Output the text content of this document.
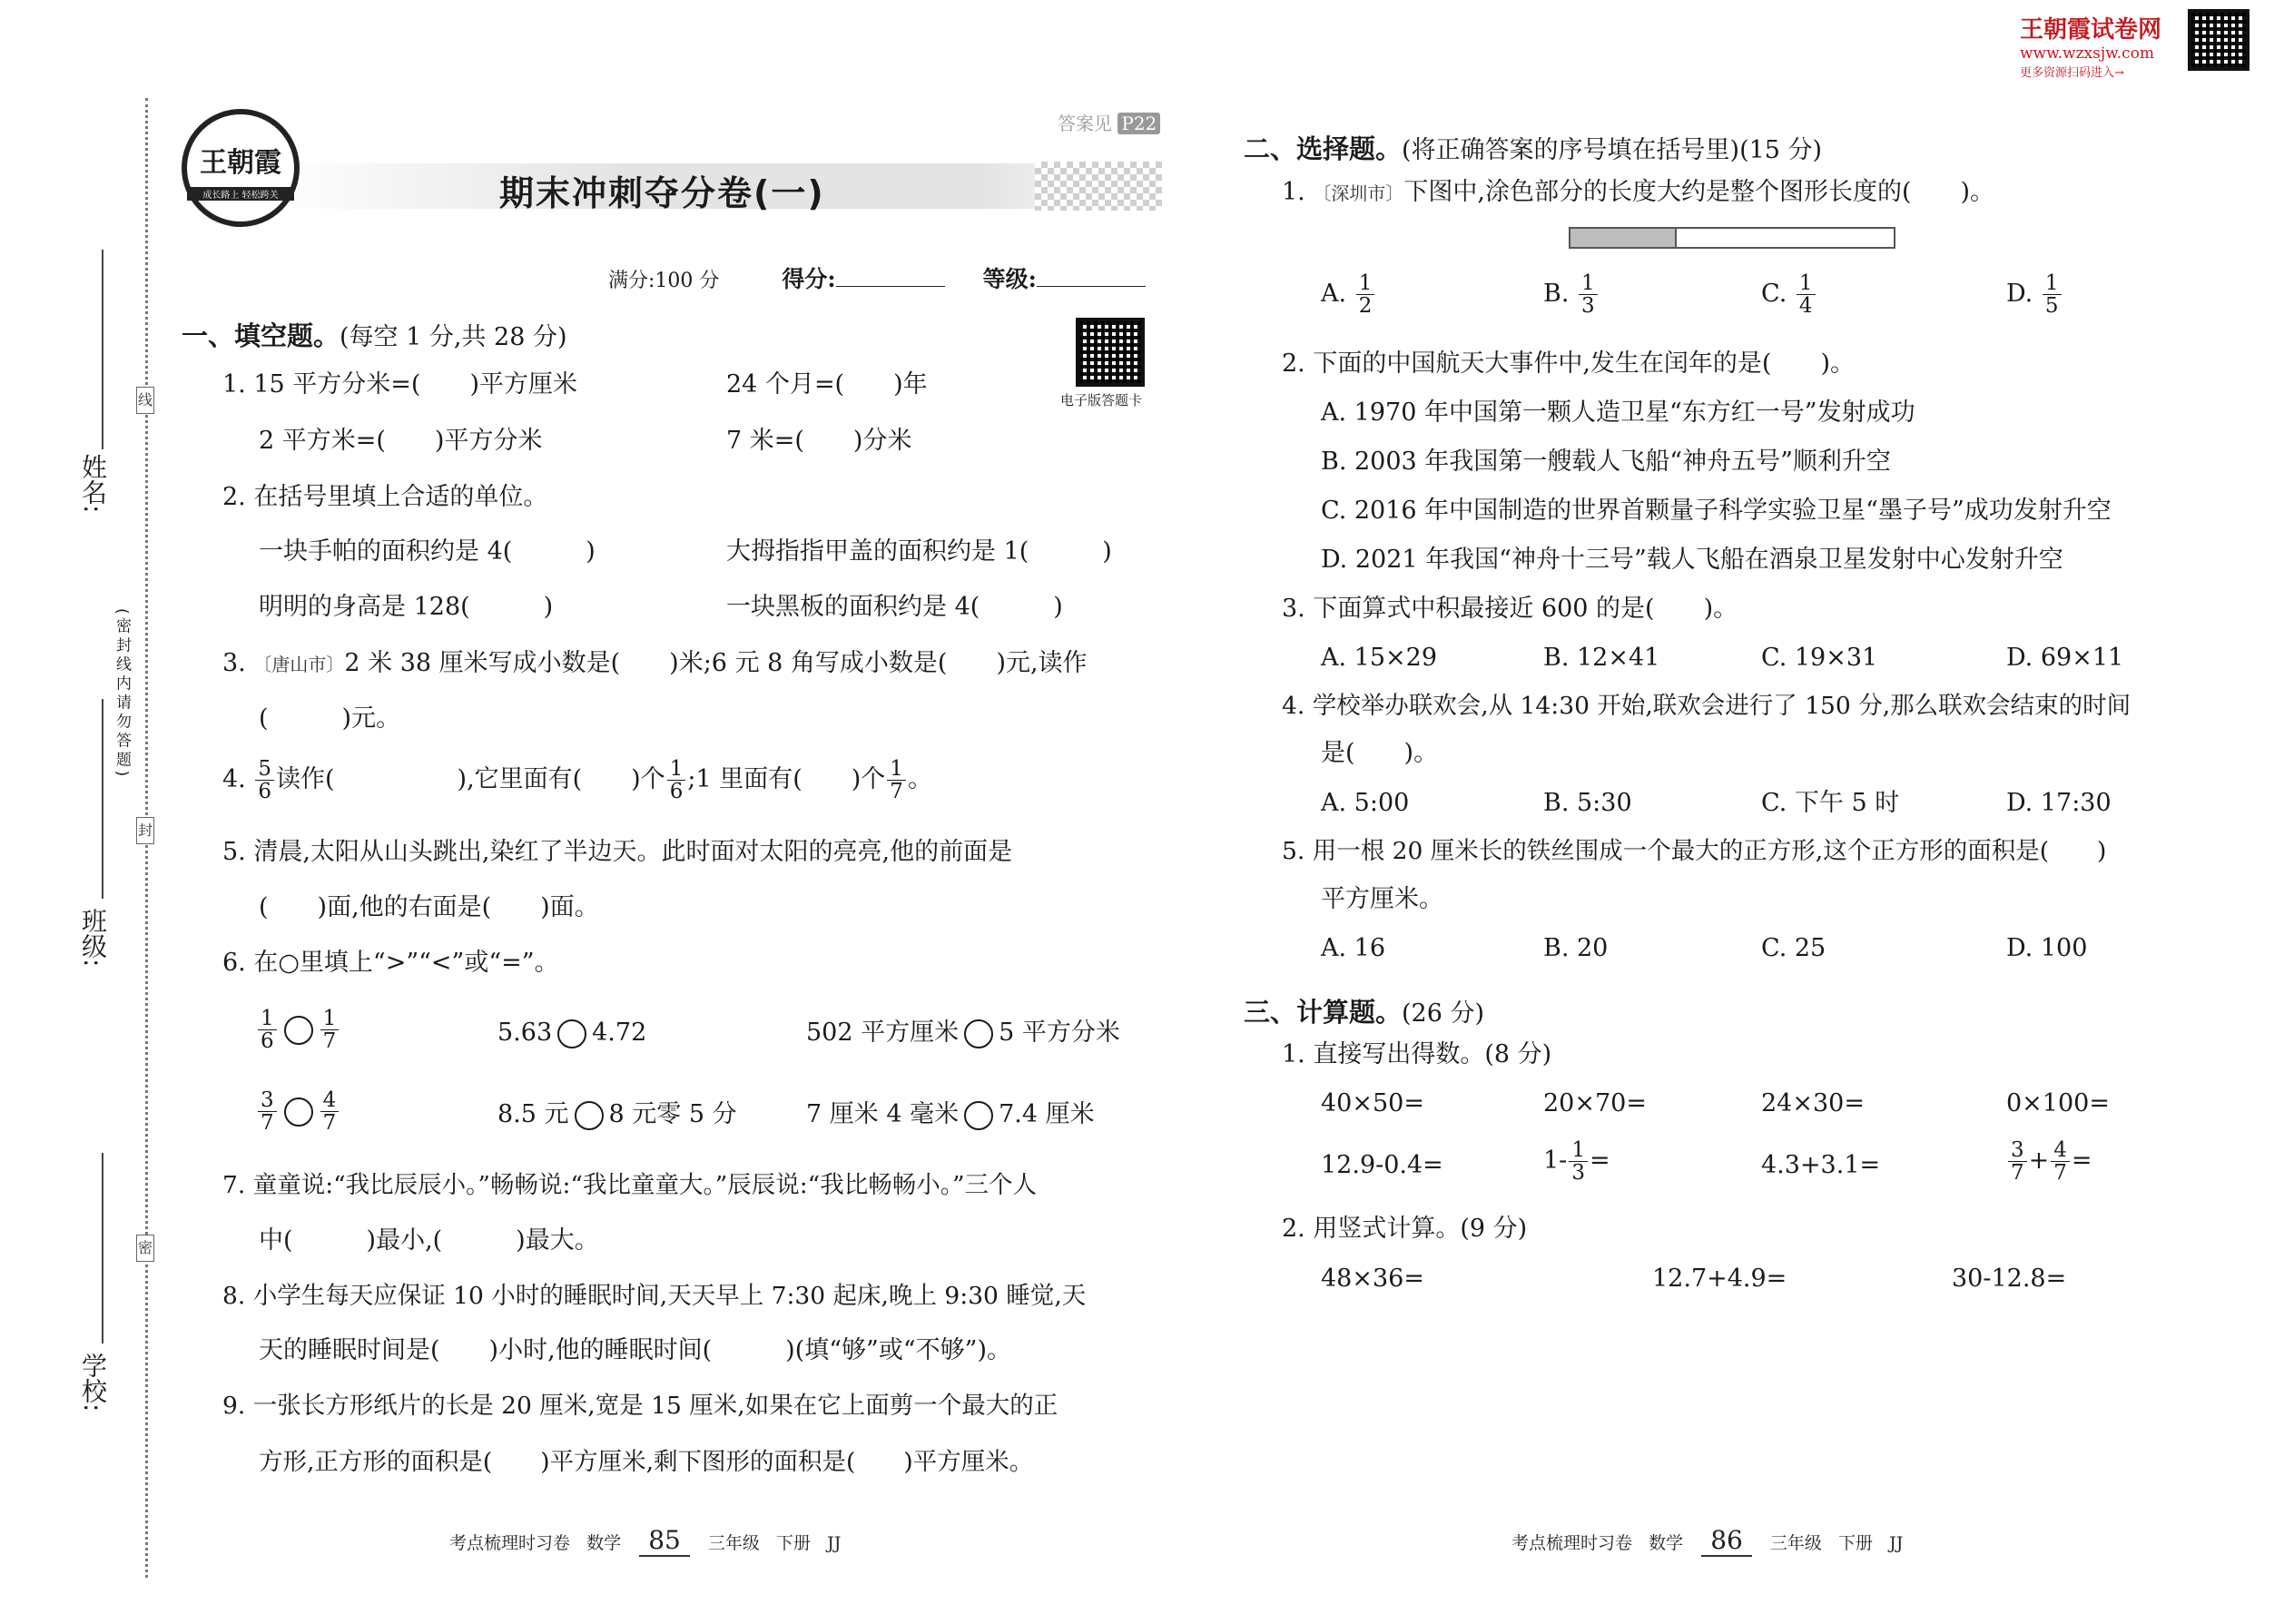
王朝霞试卷网
www.wzxsjw.com
更多资源扫码进入→
线
封
密
(密封线内请勿答题)
姓名:
班级:
学校:
王朝霞
成长路上 轻松跨关
答案见 P22
期末冲刺夺分卷(一)
满分:100 分	得分:	等级:
电子版答题卡
一、填空题。(每空 1 分,共 28 分)
1. 15 平方分米=(　　)平方厘米	24 个月=(　　)年
2 平方米=(　　)平方分米	7 米=(　　)分米
2. 在括号里填上合适的单位。
一块手帕的面积约是 4(　　　)	大拇指指甲盖的面积约是 1(　　　)
明明的身高是 128(　　　)	一块黑板的面积约是 4(　　　)
3. 〔唐山市〕2 米 38 厘米写成小数是(　　)米;6 元 8 角写成小数是(　　)元,读作
(　　　)元。
4. $\frac{5}{6}$ 读作(　　　　　),它里面有(　　)个 $\frac{1}{6}$ ;1 里面有(　　)个 $\frac{1}{7}$ 。
5. 清晨,太阳从山头跳出,染红了半边天。此时面对太阳的亮亮,他的前面是
(　　)面,他的右面是(　　)面。
6. 在○里填上“>”“<”或“=”。
$\frac{1}{6} \frac{1}{7}$	5.63 4.72	502 平方厘米 5 平方分米
$\frac{3}{7} \frac{4}{7}$	8.5 元 8 元零 5 分	7 厘米 4 毫米 7.4 厘米
7. 童童说:“我比辰辰小。”畅畅说:“我比童童大。”辰辰说:“我比畅畅小。”三个人
中(　　　)最小,(　　　)最大。
8. 小学生每天应保证 10 小时的睡眠时间,天天早上 7:30 起床,晚上 9:30 睡觉,天
天的睡眠时间是(　　)小时,他的睡眠时间(　　　)(填“够”或“不够”)。
9. 一张长方形纸片的长是 20 厘米,宽是 15 厘米,如果在它上面剪一个最大的正
方形,正方形的面积是(　　)平方厘米,剩下图形的面积是(　　)平方厘米。
考点梳理时习卷 数学 85 三年级 下册 JJ
二、选择题。(将正确答案的序号填在括号里)(15 分)
1. 〔深圳市〕下图中,涂色部分的长度大约是整个图形长度的(　　)。
A. $\frac{1}{2}$	B. $\frac{1}{3}$	C. $\frac{1}{4}$	D. $\frac{1}{5}$
2. 下面的中国航天大事件中,发生在闰年的是(　　)。
A. 1970 年中国第一颗人造卫星“东方红一号”发射成功
B. 2003 年我国第一艘载人飞船“神舟五号”顺利升空
C. 2016 年中国制造的世界首颗量子科学实验卫星“墨子号”成功发射升空
D. 2021 年我国“神舟十三号”载人飞船在酒泉卫星发射中心发射升空
3. 下面算式中积最接近 600 的是(　　)。
A. 15×29	B. 12×41	C. 19×31	D. 69×11
4. 学校举办联欢会,从 14:30 开始,联欢会进行了 150 分,那么联欢会结束的时间
是(　　)。
A. 5:00	B. 5:30	C. 下午 5 时	D. 17:30
5. 用一根 20 厘米长的铁丝围成一个最大的正方形,这个正方形的面积是(　　)
平方厘米。
A. 16	B. 20	C. 25	D. 100
三、计算题。(26 分)
1. 直接写出得数。(8 分)
40×50=	20×70=	24×30=	0×100=
12.9-0.4=	$1- \frac{1}{3}$ =	4.3+3.1=	$\frac{3}{7} + \frac{4}{7}$ =
2. 用竖式计算。(9 分)
48×36=	12.7+4.9=	30-12.8=
考点梳理时习卷 数学 86 三年级 下册 JJ
